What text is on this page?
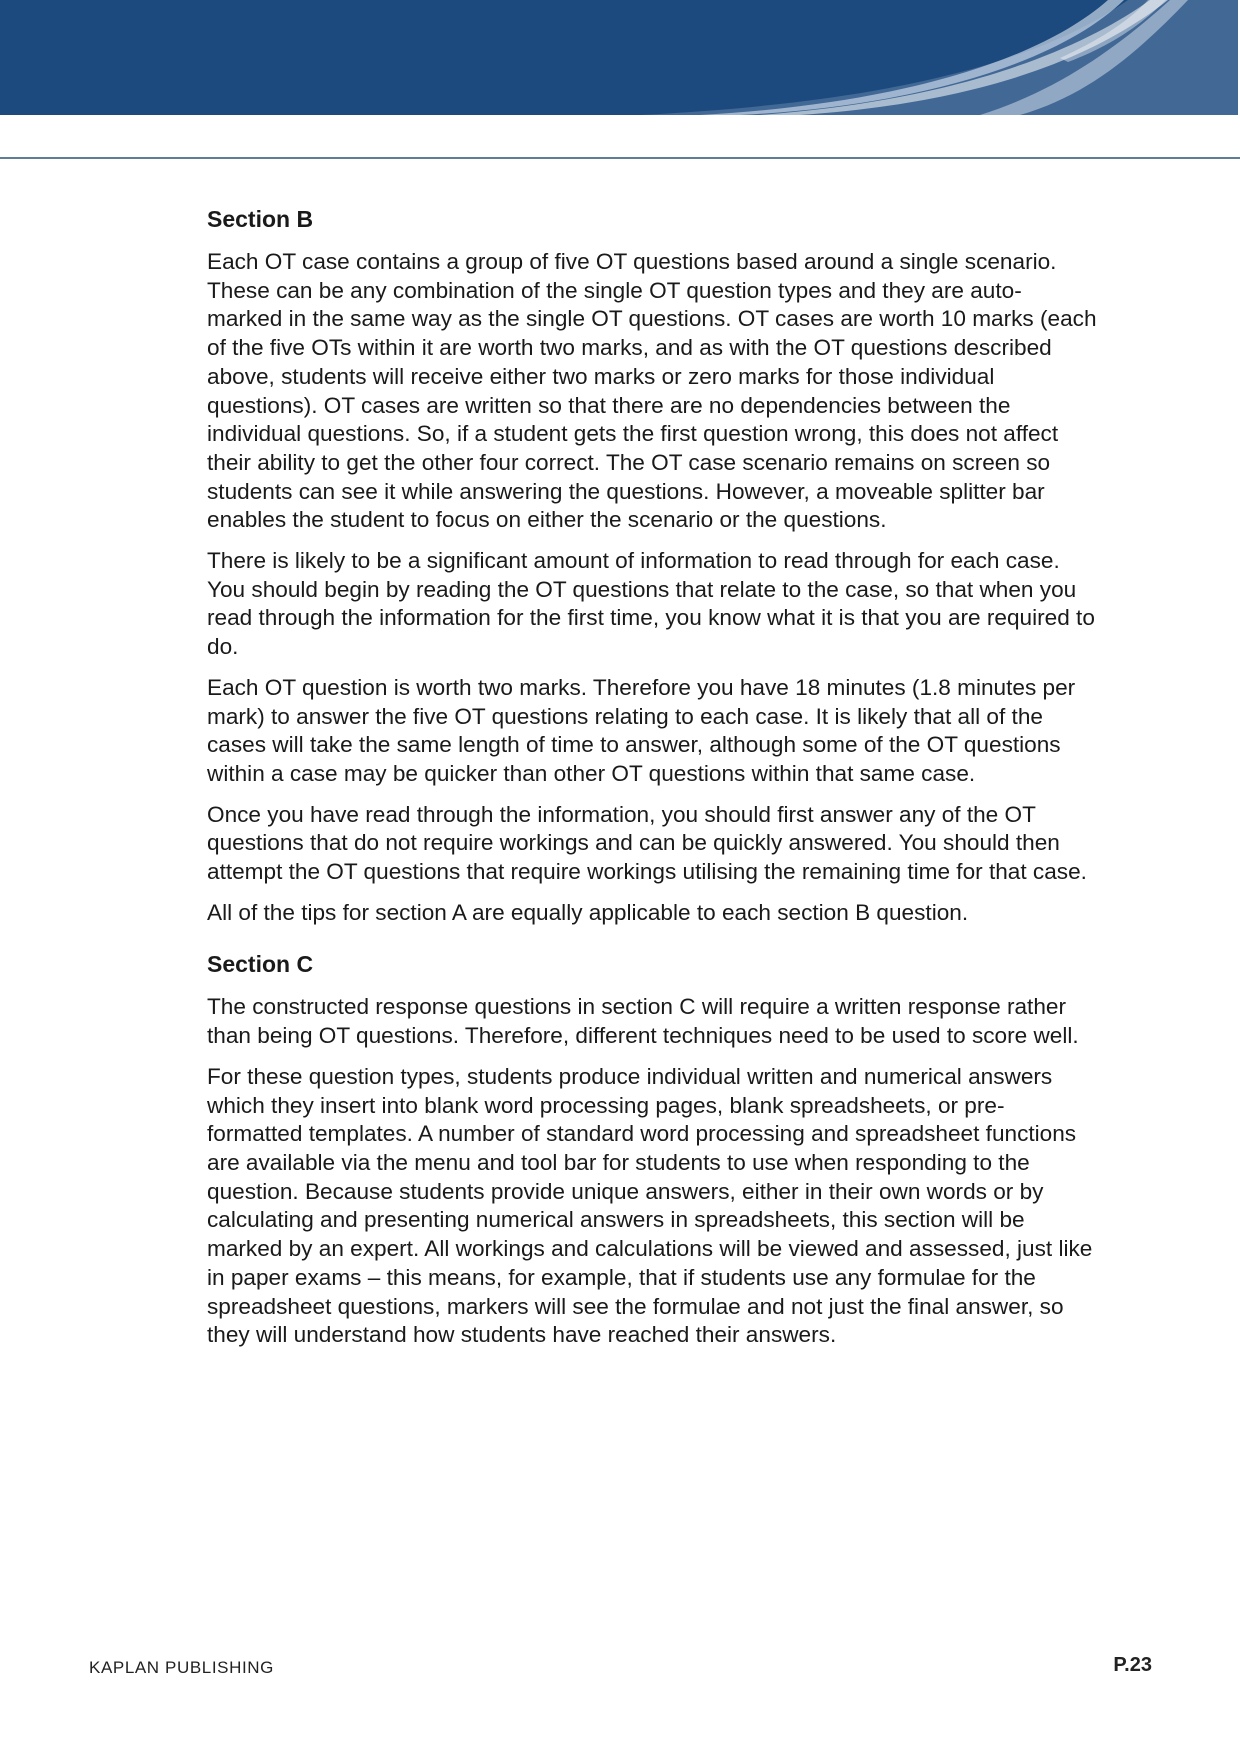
Section B

Each OT case contains a group of five OT questions based around a single scenario. These can be any combination of the single OT question types and they are auto-marked in the same way as the single OT questions. OT cases are worth 10 marks (each of the five OTs within it are worth two marks, and as with the OT questions described above, students will receive either two marks or zero marks for those individual questions). OT cases are written so that there are no dependencies between the individual questions. So, if a student gets the first question wrong, this does not affect their ability to get the other four correct. The OT case scenario remains on screen so students can see it while answering the questions. However, a moveable splitter bar enables the student to focus on either the scenario or the questions.

There is likely to be a significant amount of information to read through for each case. You should begin by reading the OT questions that relate to the case, so that when you read through the information for the first time, you know what it is that you are required to do.

Each OT question is worth two marks. Therefore you have 18 minutes (1.8 minutes per mark) to answer the five OT questions relating to each case. It is likely that all of the cases will take the same length of time to answer, although some of the OT questions within a case may be quicker than other OT questions within that same case.

Once you have read through the information, you should first answer any of the OT questions that do not require workings and can be quickly answered. You should then attempt the OT questions that require workings utilising the remaining time for that case.

All of the tips for section A are equally applicable to each section B question.

Section C

The constructed response questions in section C will require a written response rather than being OT questions. Therefore, different techniques need to be used to score well.

For these question types, students produce individual written and numerical answers which they insert into blank word processing pages, blank spreadsheets, or pre-formatted templates. A number of standard word processing and spreadsheet functions are available via the menu and tool bar for students to use when responding to the question. Because students provide unique answers, either in their own words or by calculating and presenting numerical answers in spreadsheets, this section will be marked by an expert. All workings and calculations will be viewed and assessed, just like in paper exams – this means, for example, that if students use any formulae for the spreadsheet questions, markers will see the formulae and not just the final answer, so they will understand how students have reached their answers.

KAPLAN PUBLISHING	P.23
